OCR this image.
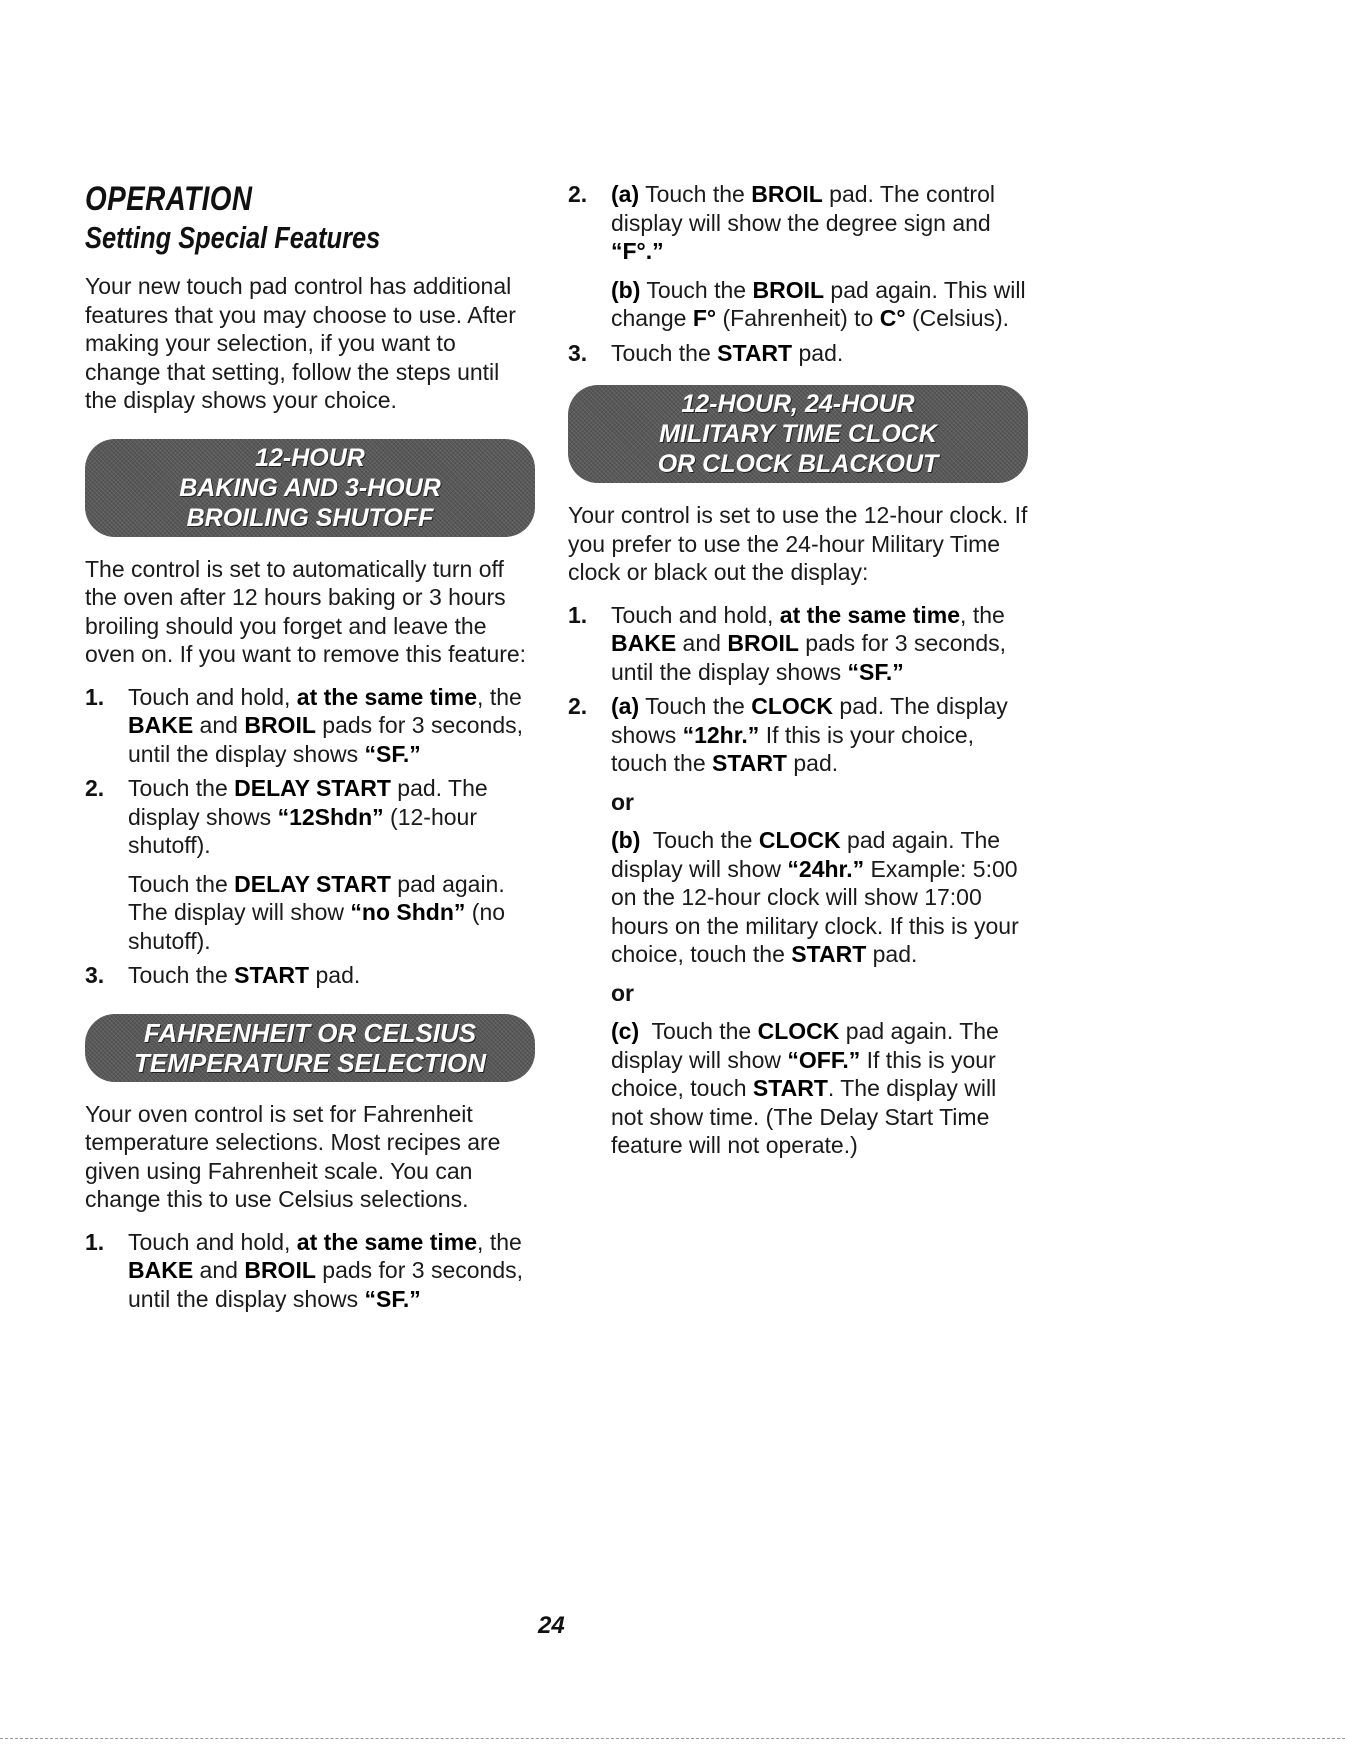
OPERATION
Setting Special Features

Your new touch pad control has additional features that you may choose to use. After making your selection, if you want to change that setting, follow the steps until the display shows your choice.

12-HOUR
BAKING AND 3-HOUR
BROILING SHUTOFF

The control is set to automatically turn off the oven after 12 hours baking or 3 hours broiling should you forget and leave the oven on. If you want to remove this feature:

1. Touch and hold, at the same time, the BAKE and BROIL pads for 3 seconds, until the display shows “SF.”

2. Touch the DELAY START pad. The display shows “12Shdn” (12-hour shutoff).

Touch the DELAY START pad again. The display will show “no Shdn” (no shutoff).

3. Touch the START pad.

FAHRENHEIT OR CELSIUS
TEMPERATURE SELECTION

Your oven control is set for Fahrenheit temperature selections. Most recipes are given using Fahrenheit scale. You can change this to use Celsius selections.

1. Touch and hold, at the same time, the BAKE and BROIL pads for 3 seconds, until the display shows “SF.”

2. (a) Touch the BROIL pad. The control display will show the degree sign and “F°.”

(b) Touch the BROIL pad again. This will change F° (Fahrenheit) to C° (Celsius).

3. Touch the START pad.

12-HOUR, 24-HOUR
MILITARY TIME CLOCK
OR CLOCK BLACKOUT

Your control is set to use the 12-hour clock. If you prefer to use the 24-hour Military Time clock or black out the display:

1. Touch and hold, at the same time, the BAKE and BROIL pads for 3 seconds, until the display shows “SF.”

2. (a) Touch the CLOCK pad. The display shows “12hr.” If this is your choice, touch the START pad.

or

(b)  Touch the CLOCK pad again. The display will show “24hr.” Example: 5:00 on the 12-hour clock will show 17:00 hours on the military clock. If this is your choice, touch the START pad.

or

(c)  Touch the CLOCK pad again. The display will show “OFF.” If this is your choice, touch START. The display will not show time. (The Delay Start Time feature will not operate.)

24
